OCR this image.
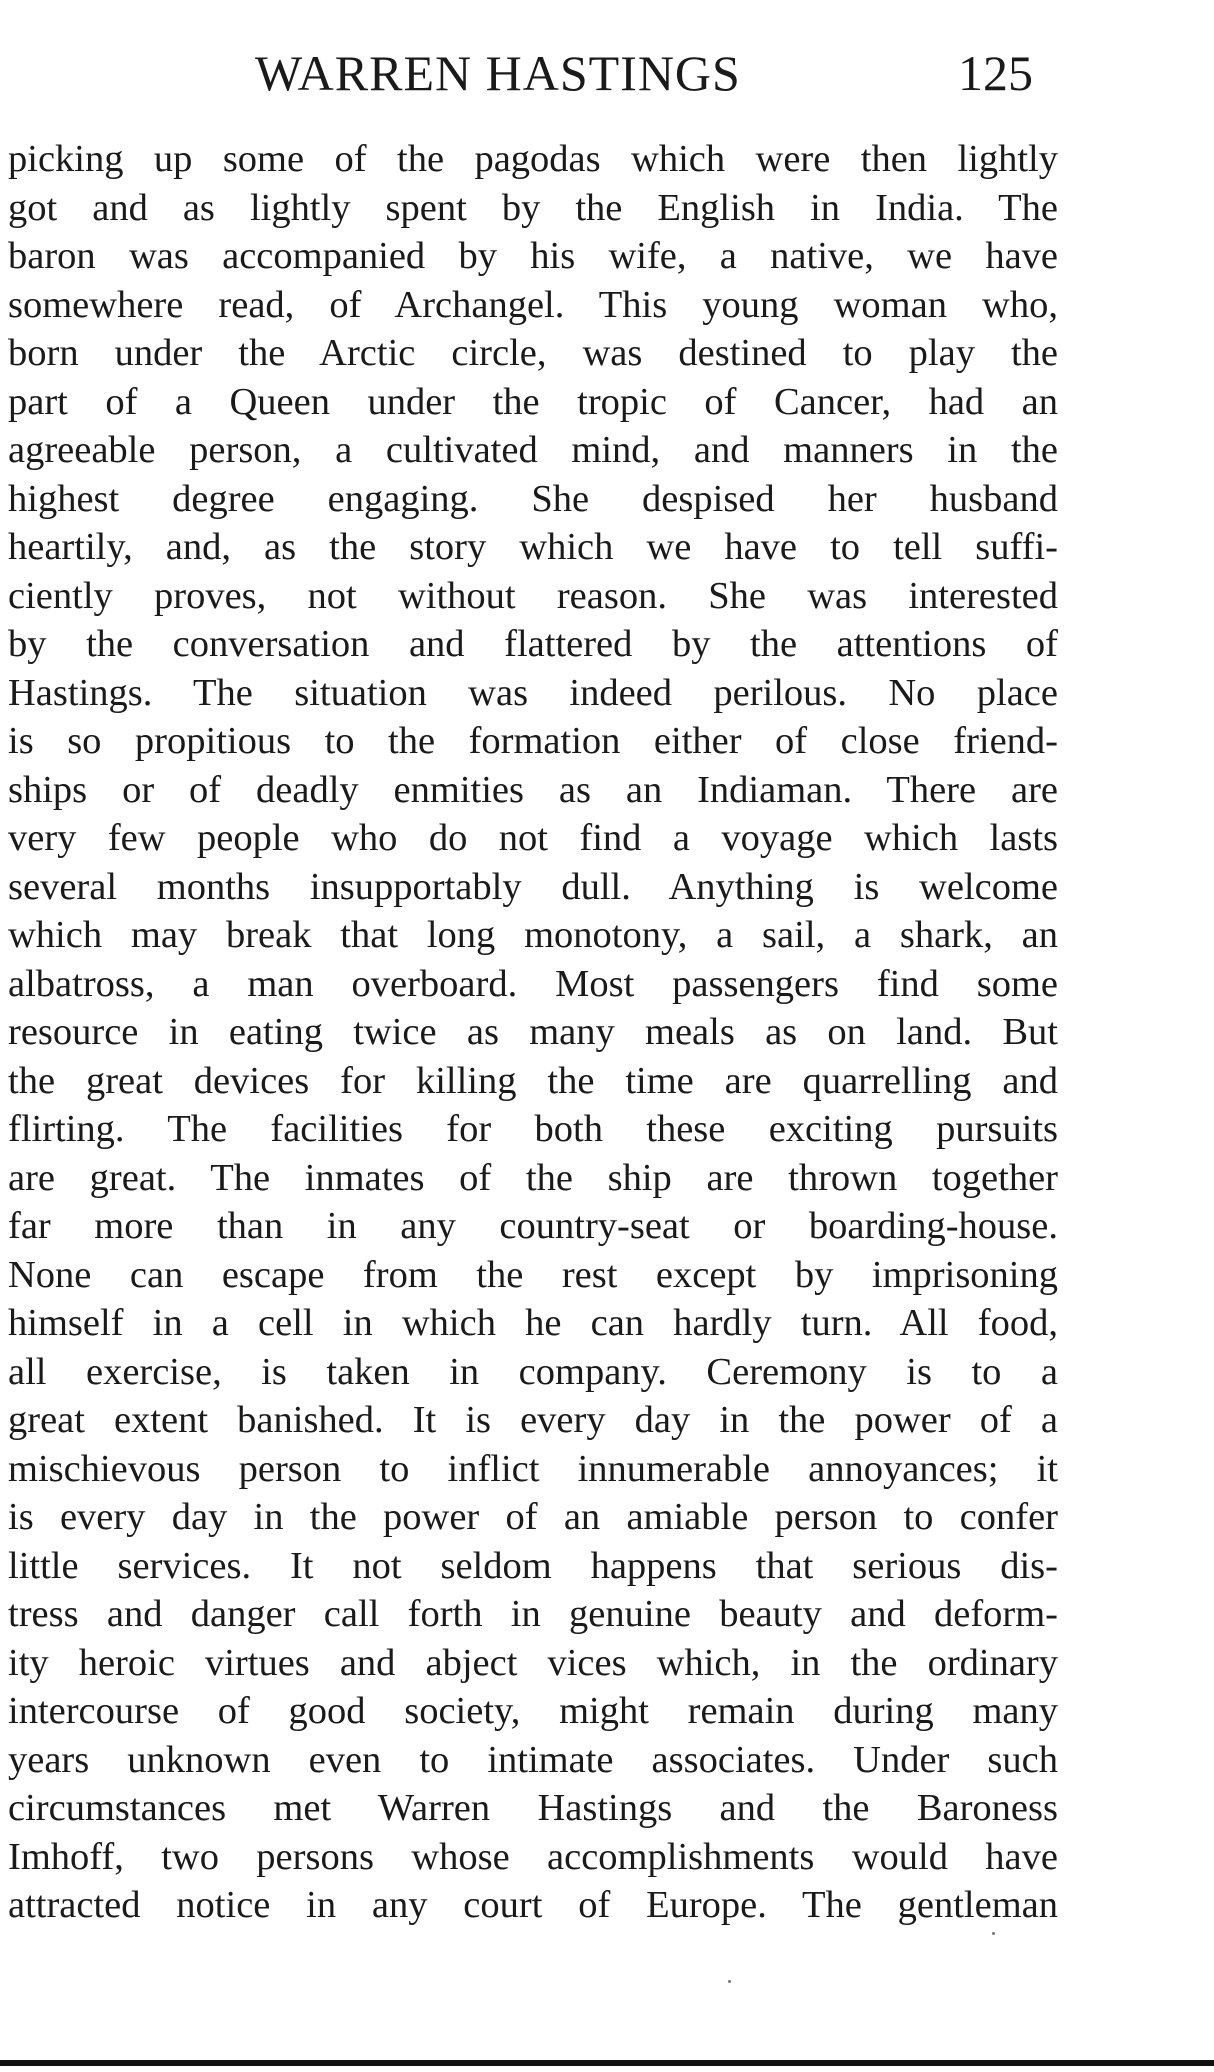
WARREN HASTINGS	125
picking up some of the pagodas which were then lightly
got and as lightly spent by the English in India. The
baron was accompanied by his wife, a native, we have
somewhere read, of Archangel. This young woman who,
born under the Arctic circle, was destined to play the
part of a Queen under the tropic of Cancer, had an
agreeable person, a cultivated mind, and manners in the
highest degree engaging. She despised her husband
heartily, and, as the story which we have to tell suffi-
ciently proves, not without reason. She was interested
by the conversation and flattered by the attentions of
Hastings. The situation was indeed perilous. No place
is so propitious to the formation either of close friend-
ships or of deadly enmities as an Indiaman. There are
very few people who do not find a voyage which lasts
several months insupportably dull. Anything is welcome
which may break that long monotony, a sail, a shark, an
albatross, a man overboard. Most passengers find some
resource in eating twice as many meals as on land. But
the great devices for killing the time are quarrelling and
flirting. The facilities for both these exciting pursuits
are great. The inmates of the ship are thrown together
far more than in any country-seat or boarding-house.
None can escape from the rest except by imprisoning
himself in a cell in which he can hardly turn. All food,
all exercise, is taken in company. Ceremony is to a
great extent banished. It is every day in the power of a
mischievous person to inflict innumerable annoyances; it
is every day in the power of an amiable person to confer
little services. It not seldom happens that serious dis-
tress and danger call forth in genuine beauty and deform-
ity heroic virtues and abject vices which, in the ordinary
intercourse of good society, might remain during many
years unknown even to intimate associates. Under such
circumstances met Warren Hastings and the Baroness
Imhoff, two persons whose accomplishments would have
attracted notice in any court of Europe. The gentleman
